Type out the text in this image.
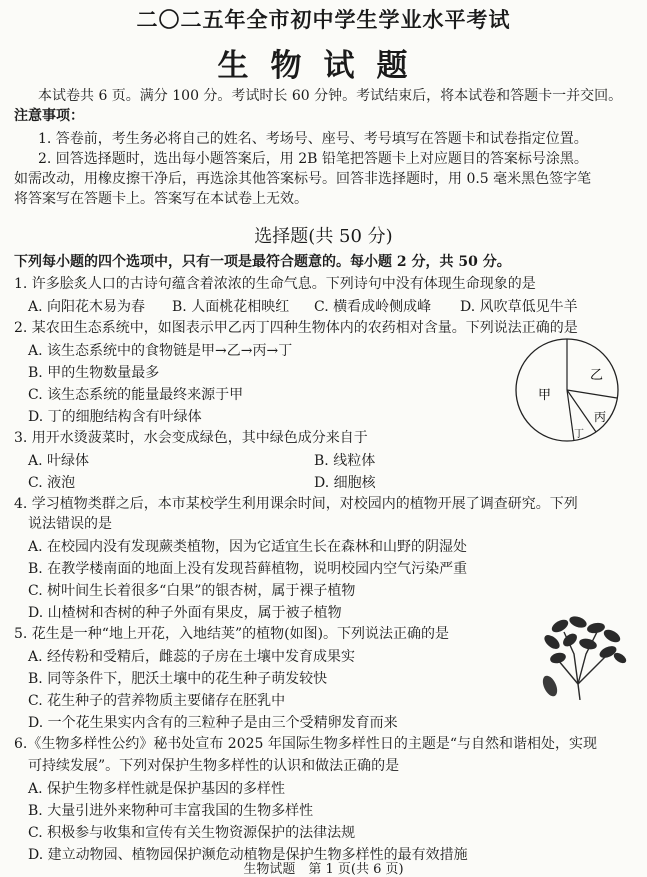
二〇二五年全市初中学生学业水平考试
生物试题
本试卷共 6 页。满分 100 分。考试时长 60 分钟。考试结束后，将本试卷和答题卡一并交回。
注意事项：
1. 答卷前，考生务必将自己的姓名、考场号、座号、考号填写在答题卡和试卷指定位置。
2. 回答选择题时，选出每小题答案后，用 2B 铅笔把答题卡上对应题目的答案标号涂黑。
如需改动，用橡皮擦干净后，再选涂其他答案标号。回答非选择题时，用 0.5 毫米黑色签字笔
将答案写在答题卡上。答案写在本试卷上无效。
选择题(共 50 分)
下列每小题的四个选项中，只有一项是最符合题意的。每小题 2 分，共 50 分。
1. 许多脍炙人口的古诗句蕴含着浓浓的生命气息。下列诗句中没有体现生命现象的是
A. 向阳花木易为春 B. 人面桃花相映红 C. 横看成岭侧成峰 D. 风吹草低见牛羊
2. 某农田生态系统中，如图表示甲乙丙丁四种生物体内的农药相对含量。下列说法正确的是
A. 该生态系统中的食物链是甲→乙→丙→丁
B. 甲的生物数量最多
C. 该生态系统的能量最终来源于甲
D. 丁的细胞结构含有叶绿体
甲
乙
丙
丁
3. 用开水烫菠菜时，水会变成绿色，其中绿色成分来自于
A. 叶绿体	B. 线粒体
C. 液泡	D. 细胞核
4. 学习植物类群之后，本市某校学生利用课余时间，对校园内的植物开展了调查研究。下列
说法错误的是
A. 在校园内没有发现蕨类植物，因为它适宜生长在森林和山野的阴湿处
B. 在教学楼南面的地面上没有发现苔藓植物，说明校园内空气污染严重
C. 树叶间生长着很多“白果”的银杏树，属于裸子植物
D. 山楂树和杏树的种子外面有果皮，属于被子植物
5. 花生是一种“地上开花，入地结荚”的植物(如图)。下列说法正确的是
A. 经传粉和受精后，雌蕊的子房在土壤中发育成果实
B. 同等条件下，肥沃土壤中的花生种子萌发较快
C. 花生种子的营养物质主要储存在胚乳中
D. 一个花生果实内含有的三粒种子是由三个受精卵发育而来
6.《生物多样性公约》秘书处宣布 2025 年国际生物多样性日的主题是“与自然和谐相处，实现
可持续发展”。下列对保护生物多样性的认识和做法正确的是
A. 保护生物多样性就是保护基因的多样性
B. 大量引进外来物种可丰富我国的生物多样性
C. 积极参与收集和宣传有关生物资源保护的法律法规
D. 建立动物园、植物园保护濒危动植物是保护生物多样性的最有效措施
生物试题　第 1 页(共 6 页)
